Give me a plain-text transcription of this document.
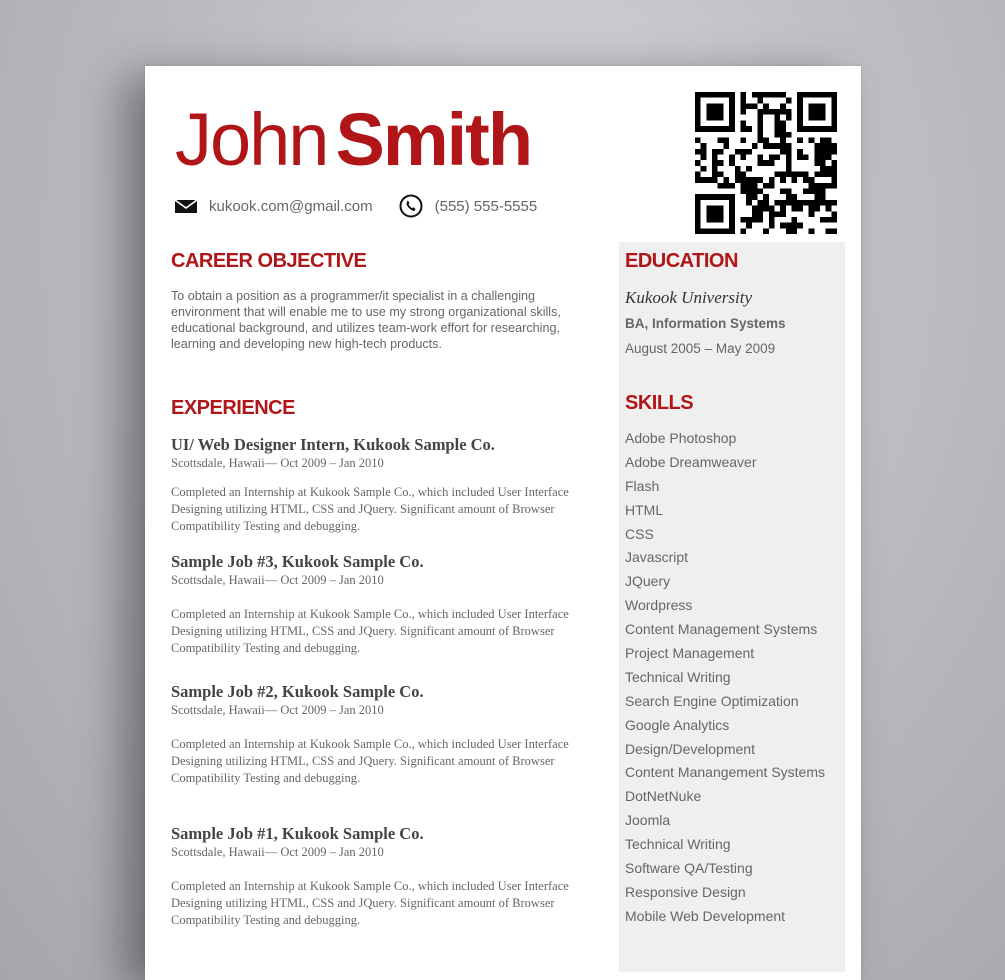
John Smith
kukook.com@gmail.com	(555) 555-5555
CAREER OBJECTIVE

To obtain a position as a programmer/it specialist in a challenging environment that will enable me to use my strong organizational skills, educational background, and utilizes team-work effort for researching, learning and developing new high-tech products.

EXPERIENCE
UI/ Web Designer Intern, Kukook Sample Co.
Scottsdale, Hawaii— Oct 2009 – Jan 2010
Completed an Internship at Kukook Sample Co., which included User Interface Designing utilizing HTML, CSS and JQuery. Significant amount of Browser Compatibility Testing and debugging.
Sample Job #3, Kukook Sample Co.
Scottsdale, Hawaii— Oct 2009 – Jan 2010
Completed an Internship at Kukook Sample Co., which included User Interface Designing utilizing HTML, CSS and JQuery. Significant amount of Browser Compatibility Testing and debugging.
Sample Job #2, Kukook Sample Co.
Scottsdale, Hawaii— Oct 2009 – Jan 2010
Completed an Internship at Kukook Sample Co., which included User Interface Designing utilizing HTML, CSS and JQuery. Significant amount of Browser Compatibility Testing and debugging.
Sample Job #1, Kukook Sample Co.
Scottsdale, Hawaii— Oct 2009 – Jan 2010
Completed an Internship at Kukook Sample Co., which included User Interface Designing utilizing HTML, CSS and JQuery. Significant amount of Browser Compatibility Testing and debugging.
EDUCATION
Kukook University
BA, Information Systems
August 2005 – May 2009
SKILLS
Adobe Photoshop
Adobe Dreamweaver
Flash
HTML
CSS
Javascript
JQuery
Wordpress
Content Management Systems
Project Management
Technical Writing
Search Engine Optimization
Google Analytics
Design/Development
Content Manangement Systems
DotNetNuke
Joomla
Technical Writing
Software QA/Testing
Responsive Design
Mobile Web Development
